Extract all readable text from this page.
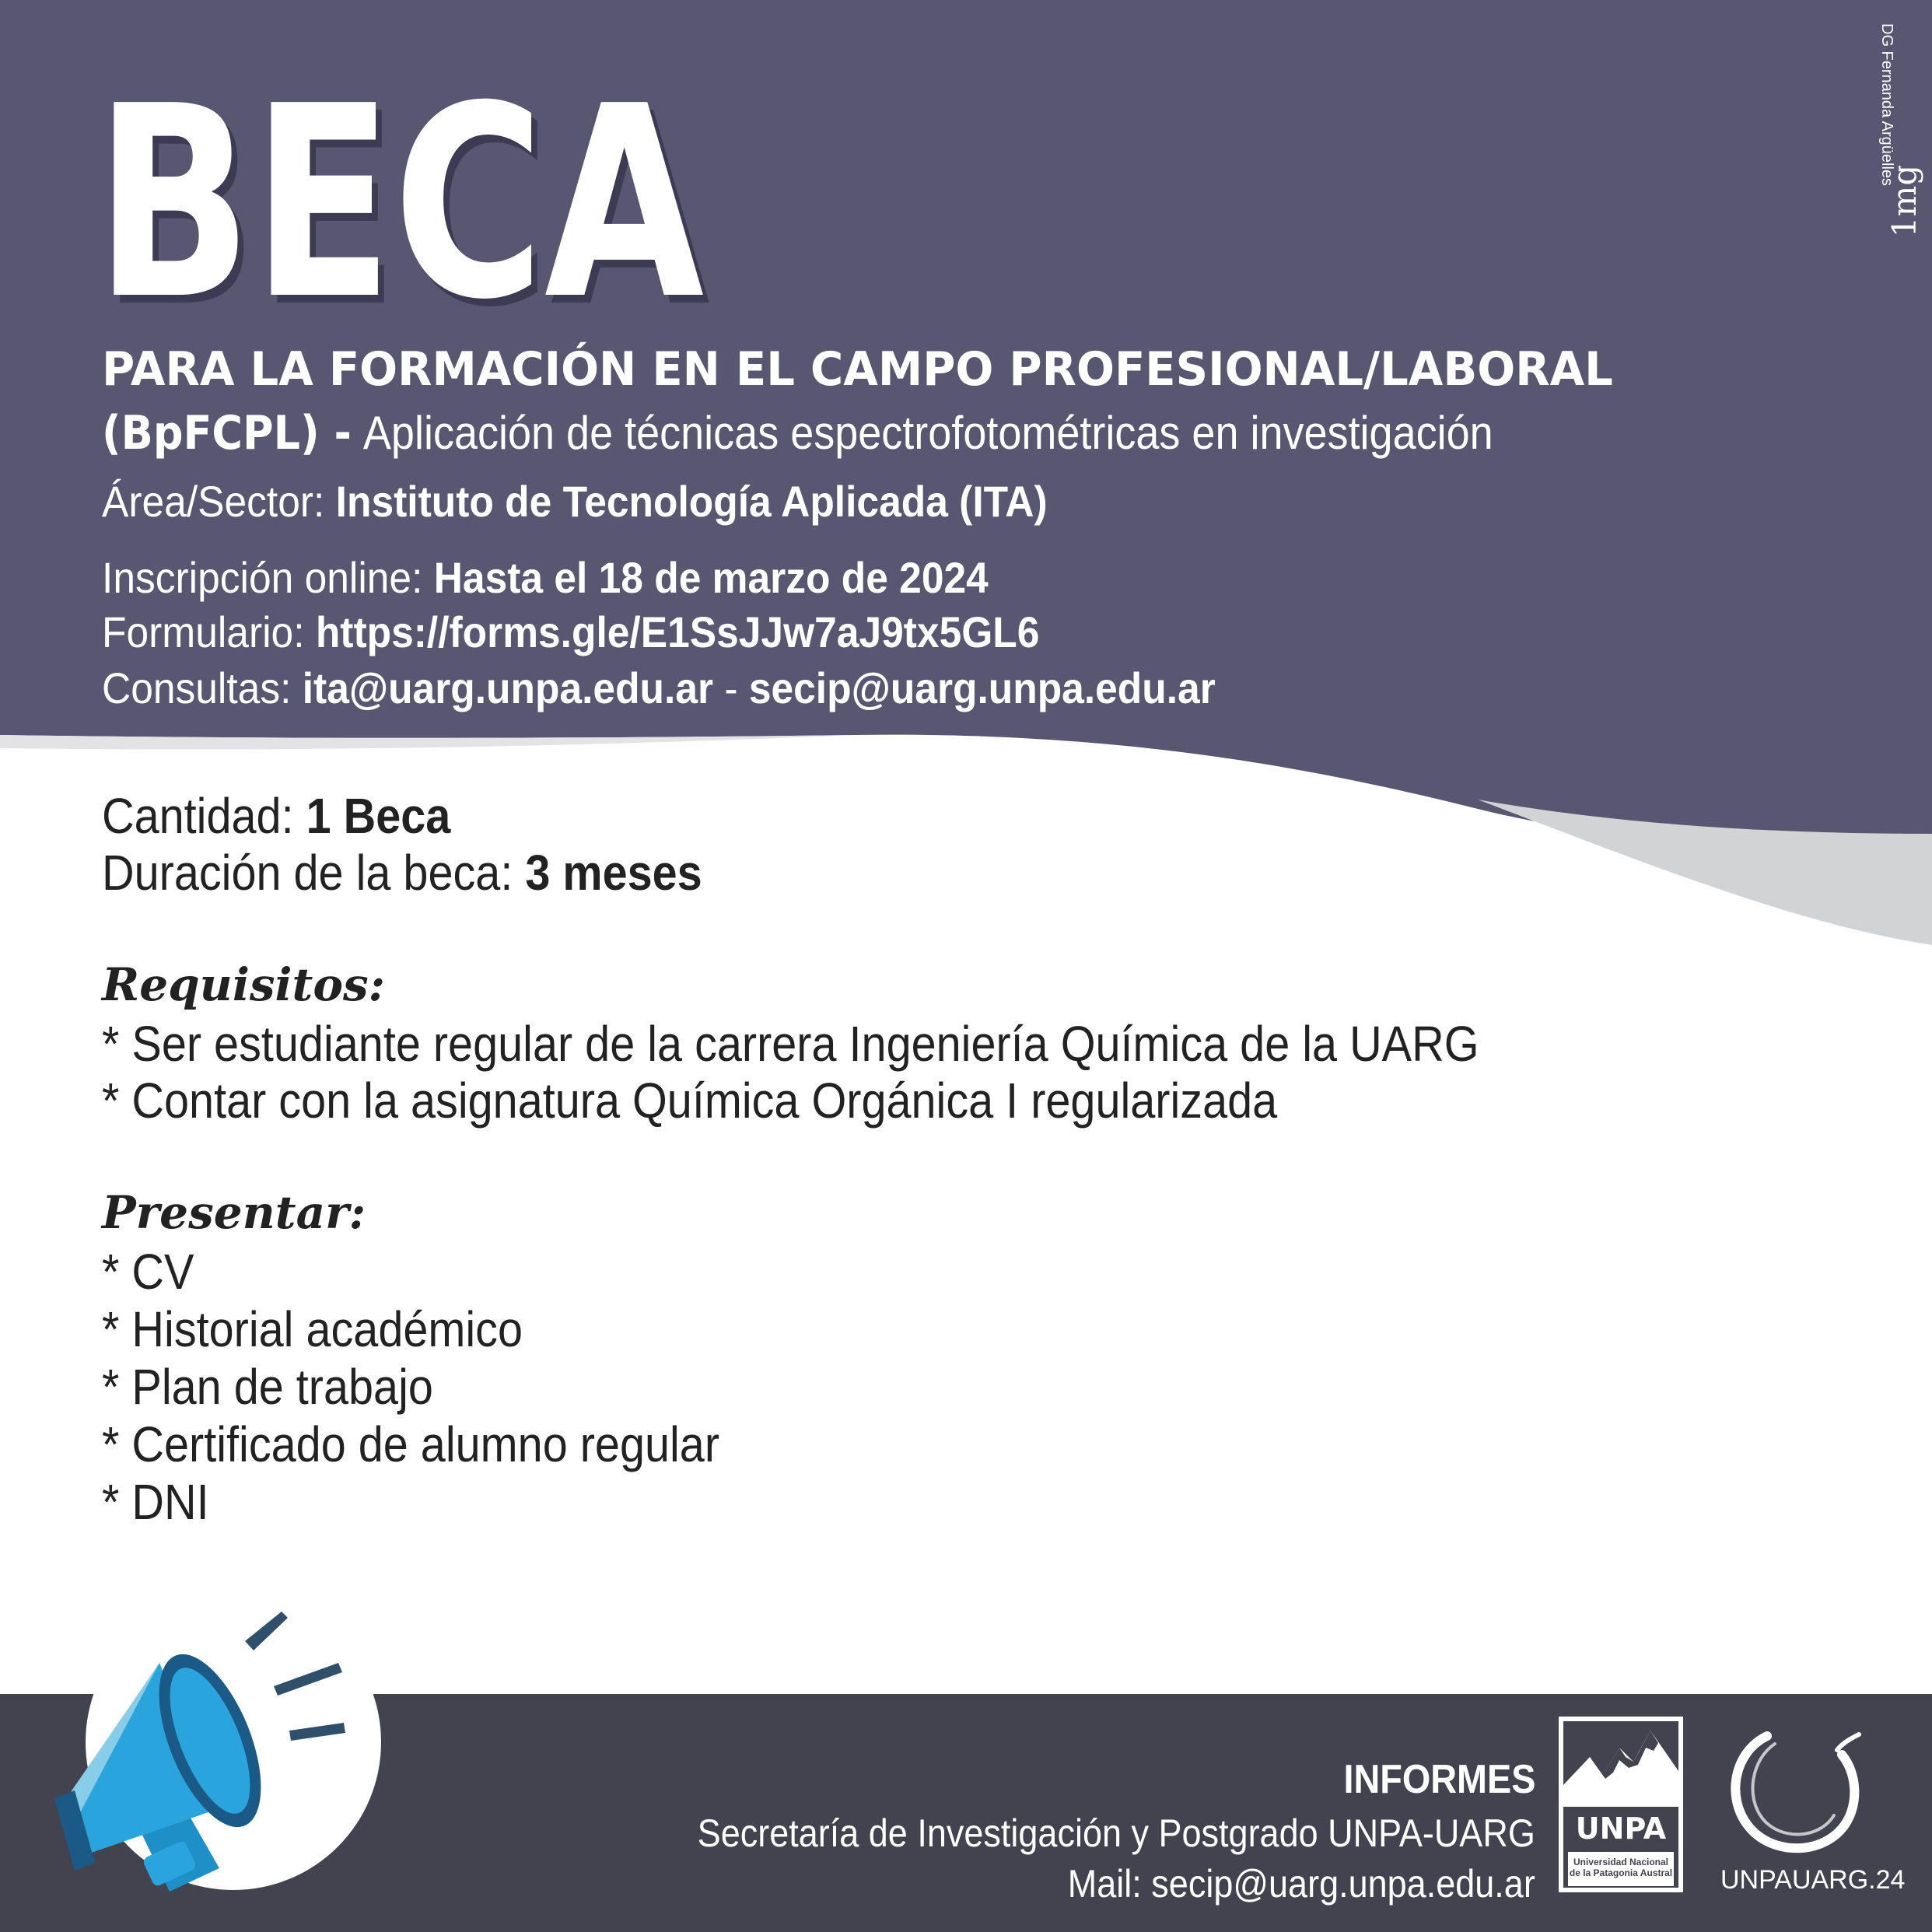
BECA
PARA LA FORMACIÓN EN EL CAMPO PROFESIONAL/LABORAL
(BpFCPL) - Aplicación de técnicas espectrofotométricas en investigación
Área/Sector: Instituto de Tecnología Aplicada (ITA)
Inscripción online: Hasta el 18 de marzo de 2024
Formulario: https://forms.gle/E1SsJJw7aJ9tx5GL6
Consultas: ita@uarg.unpa.edu.ar - secip@uarg.unpa.edu.ar
DG Fernanda Argüelles
1mg
Cantidad: 1 Beca
Duración de la beca: 3 meses
Requisitos:
* Ser estudiante regular de la carrera Ingeniería Química de la UARG
* Contar con la asignatura Química Orgánica I regularizada
Presentar:
* CV
* Historial académico
* Plan de trabajo
* Certificado de alumno regular
* DNI
INFORMES
Secretaría de Investigación y Postgrado UNPA-UARG
Mail: secip@uarg.unpa.edu.ar
UNPA
Universidad Nacional
de la Patagonia Austral UNPAUARG.24
